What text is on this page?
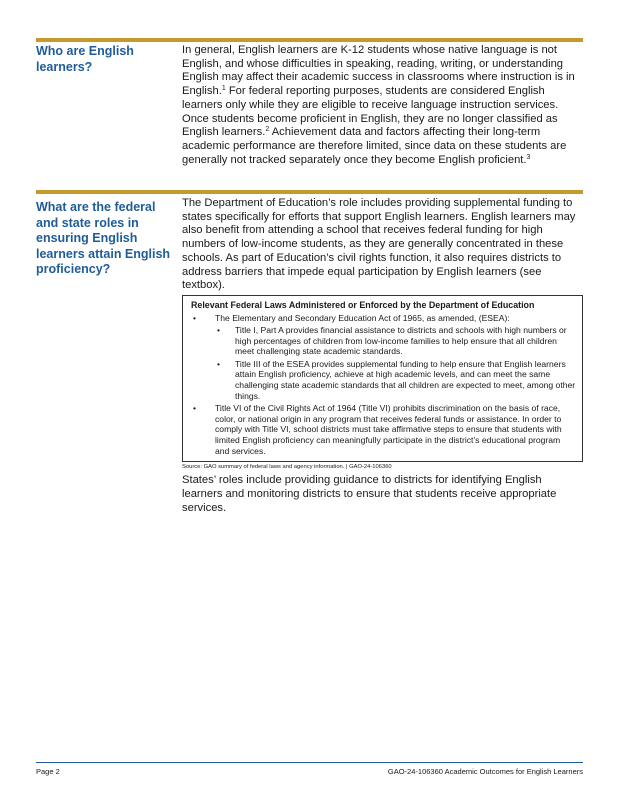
Who are English learners?

In general, English learners are K-12 students whose native language is not English, and whose difficulties in speaking, reading, writing, or understanding English may affect their academic success in classrooms where instruction is in English.$^1$ For federal reporting purposes, students are considered English learners only while they are eligible to receive language instruction services. Once students become proficient in English, they are no longer classified as English learners.$^2$ Achievement data and factors affecting their long-term academic performance are therefore limited, since data on these students are generally not tracked separately once they become English proficient.$^3$

What are the federal and state roles in ensuring English learners attain English proficiency?

The Department of Education’s role includes providing supplemental funding to states specifically for efforts that support English learners. English learners may also benefit from attending a school that receives federal funding for high numbers of low-income students, as they are generally concentrated in these schools. As part of Education’s civil rights function, it also requires districts to address barriers that impede equal participation by English learners (see textbox).

Relevant Federal Laws Administered or Enforced by the Department of Education
• The Elementary and Secondary Education Act of 1965, as amended, (ESEA):
• Title I, Part A provides financial assistance to districts and schools with high numbers or high percentages of children from low-income families to help ensure that all children meet challenging state academic standards.
• Title III of the ESEA provides supplemental funding to help ensure that English learners attain English proficiency, achieve at high academic levels, and can meet the same challenging state academic standards that all children are expected to meet, among other things.
• Title VI of the Civil Rights Act of 1964 (Title VI) prohibits discrimination on the basis of race, color, or national origin in any program that receives federal funds or assistance. In order to comply with Title VI, school districts must take affirmative steps to ensure that students with limited English proficiency can meaningfully participate in the district’s educational program and services.
Source: GAO summary of federal laws and agency information. | GAO-24-106360

States’ roles include providing guidance to districts for identifying English learners and monitoring districts to ensure that students receive appropriate services.

Page 2	GAO-24-106360 Academic Outcomes for English Learners
